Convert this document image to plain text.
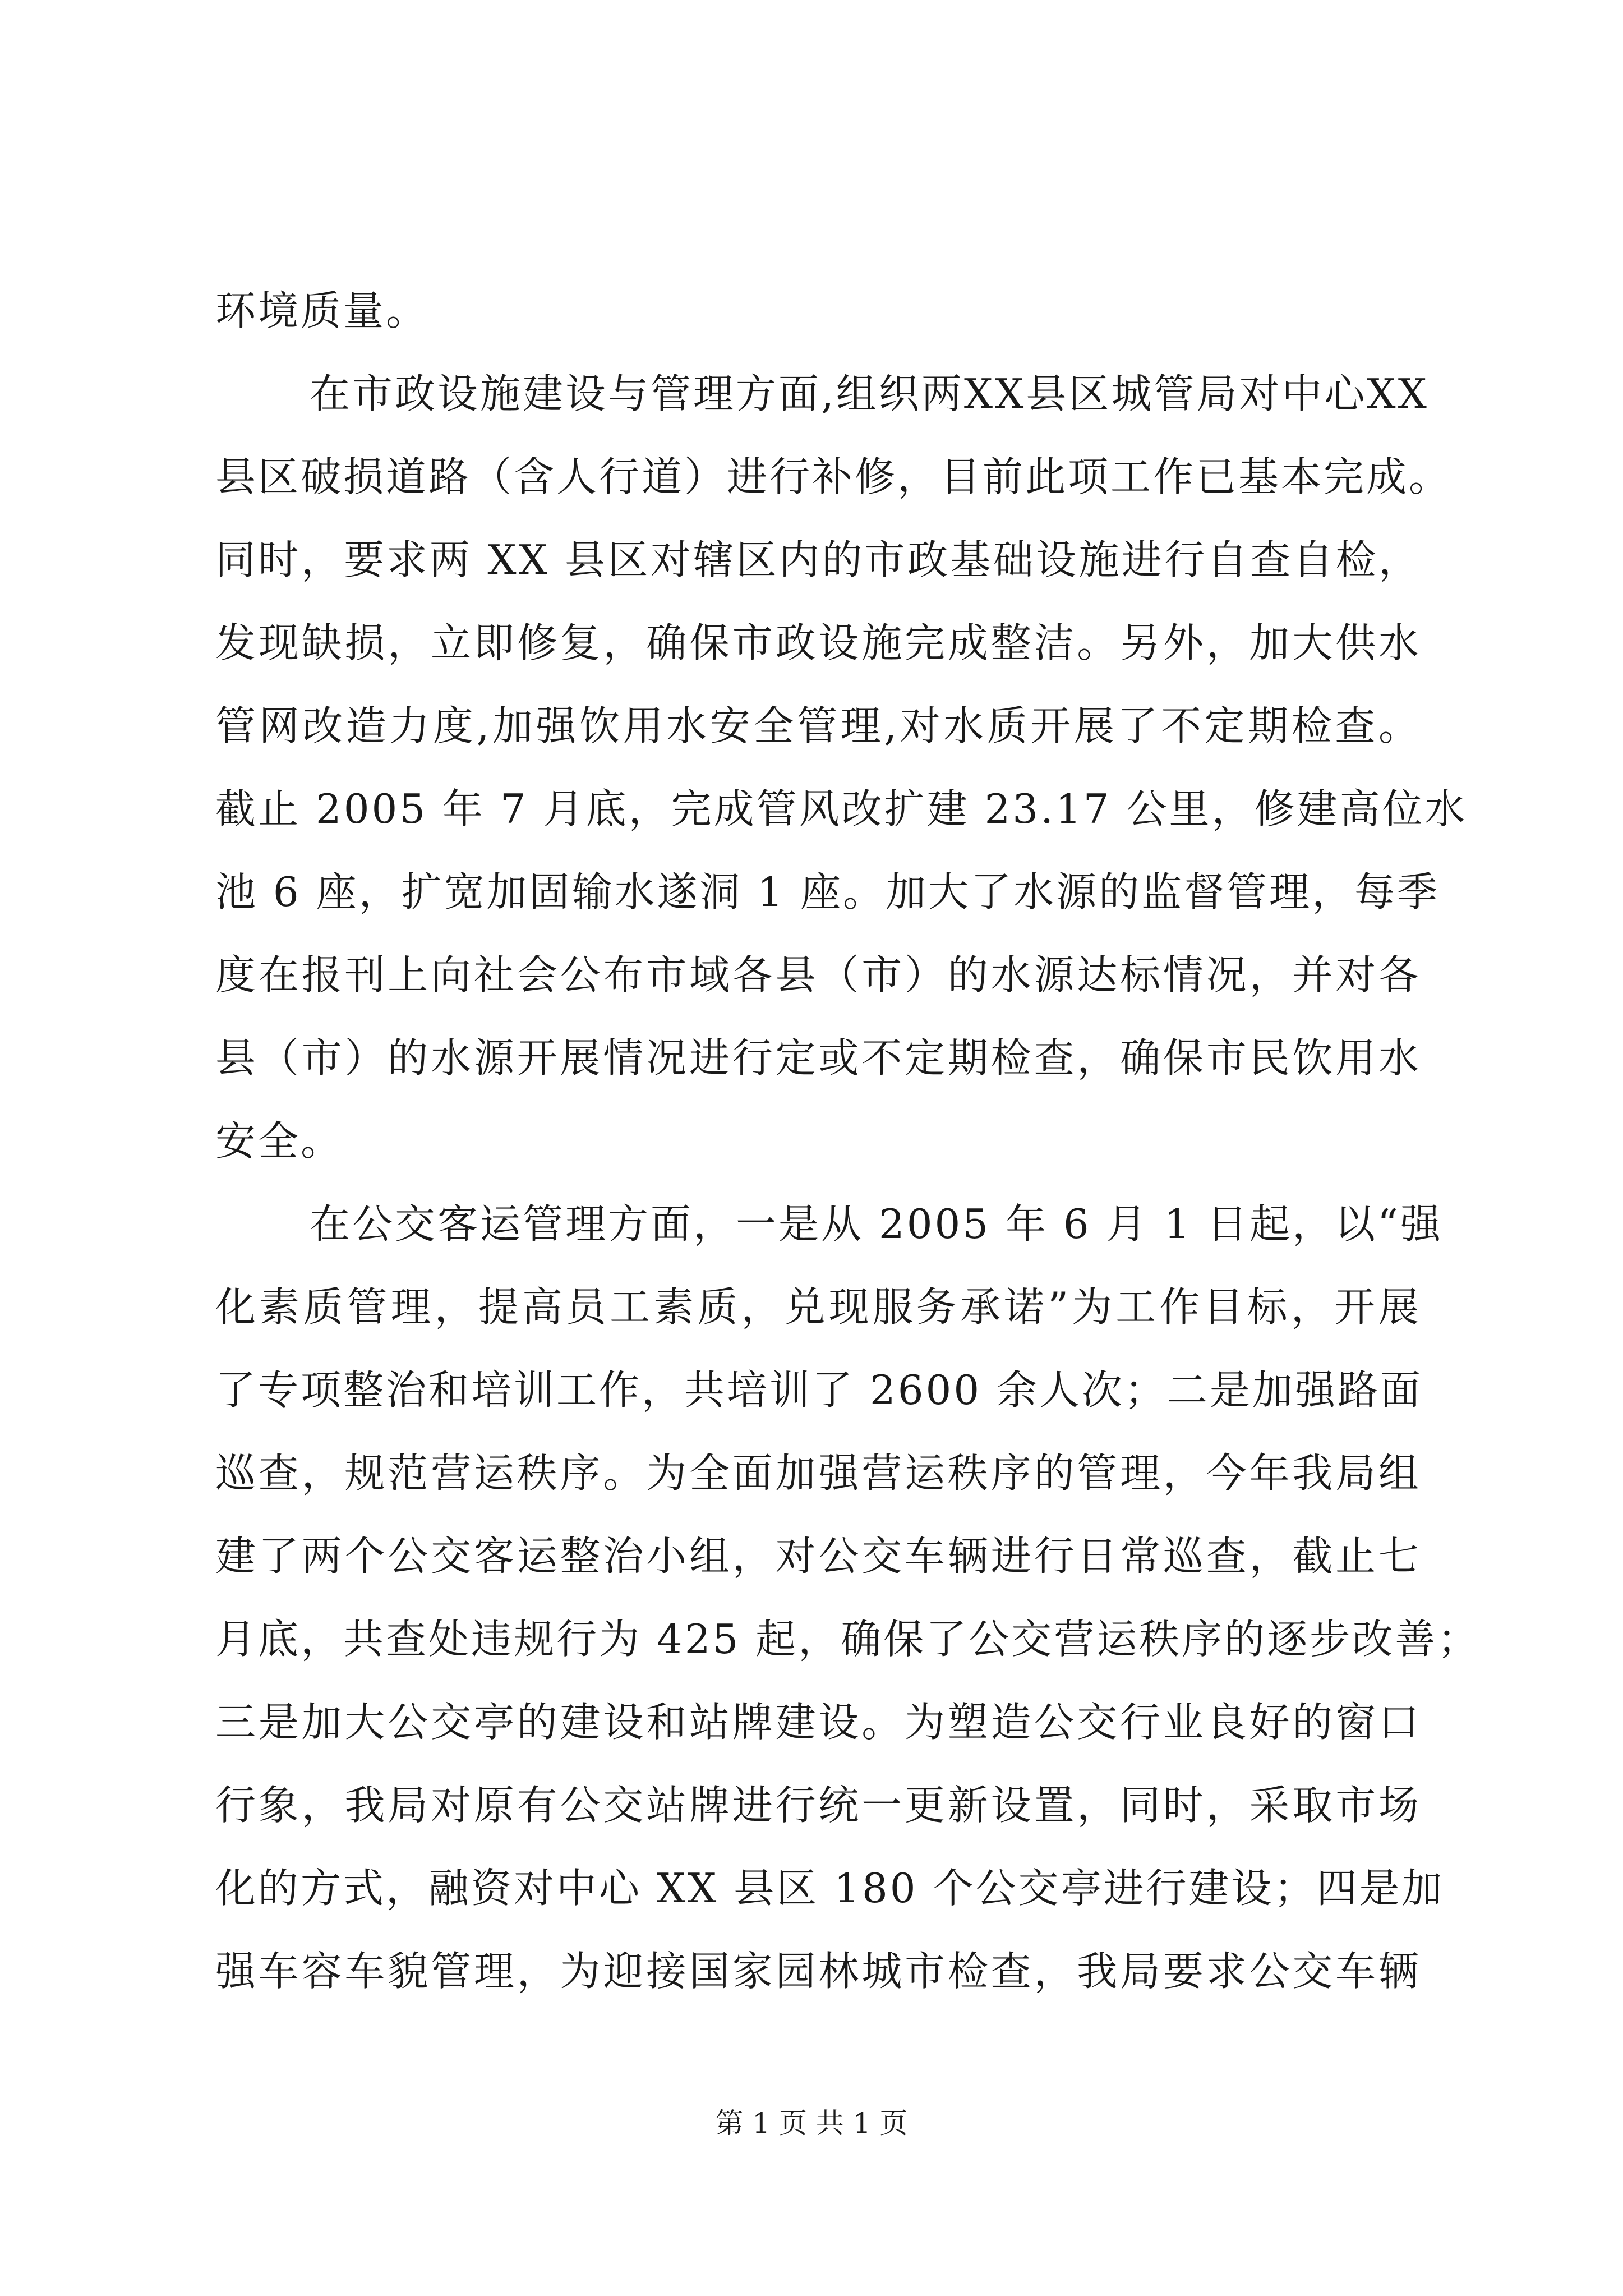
环境质量。
在市政设施建设与管理方面,组织两XX县区城管局对中心XX
县区破损道路（含人行道）进行补修，目前此项工作已基本完成。
同时，要求两 XX 县区对辖区内的市政基础设施进行自查自检，
发现缺损，立即修复，确保市政设施完成整洁。另外，加大供水
管网改造力度,加强饮用水安全管理,对水质开展了不定期检查。
截止 2005 年 7 月底，完成管风改扩建 23.17 公里，修建高位水
池 6 座，扩宽加固输水遂洞 1 座。加大了水源的监督管理，每季
度在报刊上向社会公布市域各县（市）的水源达标情况，并对各
县（市）的水源开展情况进行定或不定期检查，确保市民饮用水
安全。
在公交客运管理方面，一是从 2005 年 6 月 1 日起，以“强
化素质管理，提高员工素质，兑现服务承诺”为工作目标，开展
了专项整治和培训工作，共培训了 2600 余人次；二是加强路面
巡查，规范营运秩序。为全面加强营运秩序的管理，今年我局组
建了两个公交客运整治小组，对公交车辆进行日常巡查，截止七
月底，共查处违规行为 425 起，确保了公交营运秩序的逐步改善；
三是加大公交亭的建设和站牌建设。为塑造公交行业良好的窗口
行象，我局对原有公交站牌进行统一更新设置，同时，采取市场
化的方式，融资对中心 XX 县区 180 个公交亭进行建设；四是加
强车容车貌管理，为迎接国家园林城市检查，我局要求公交车辆
第 1 页 共 1 页
